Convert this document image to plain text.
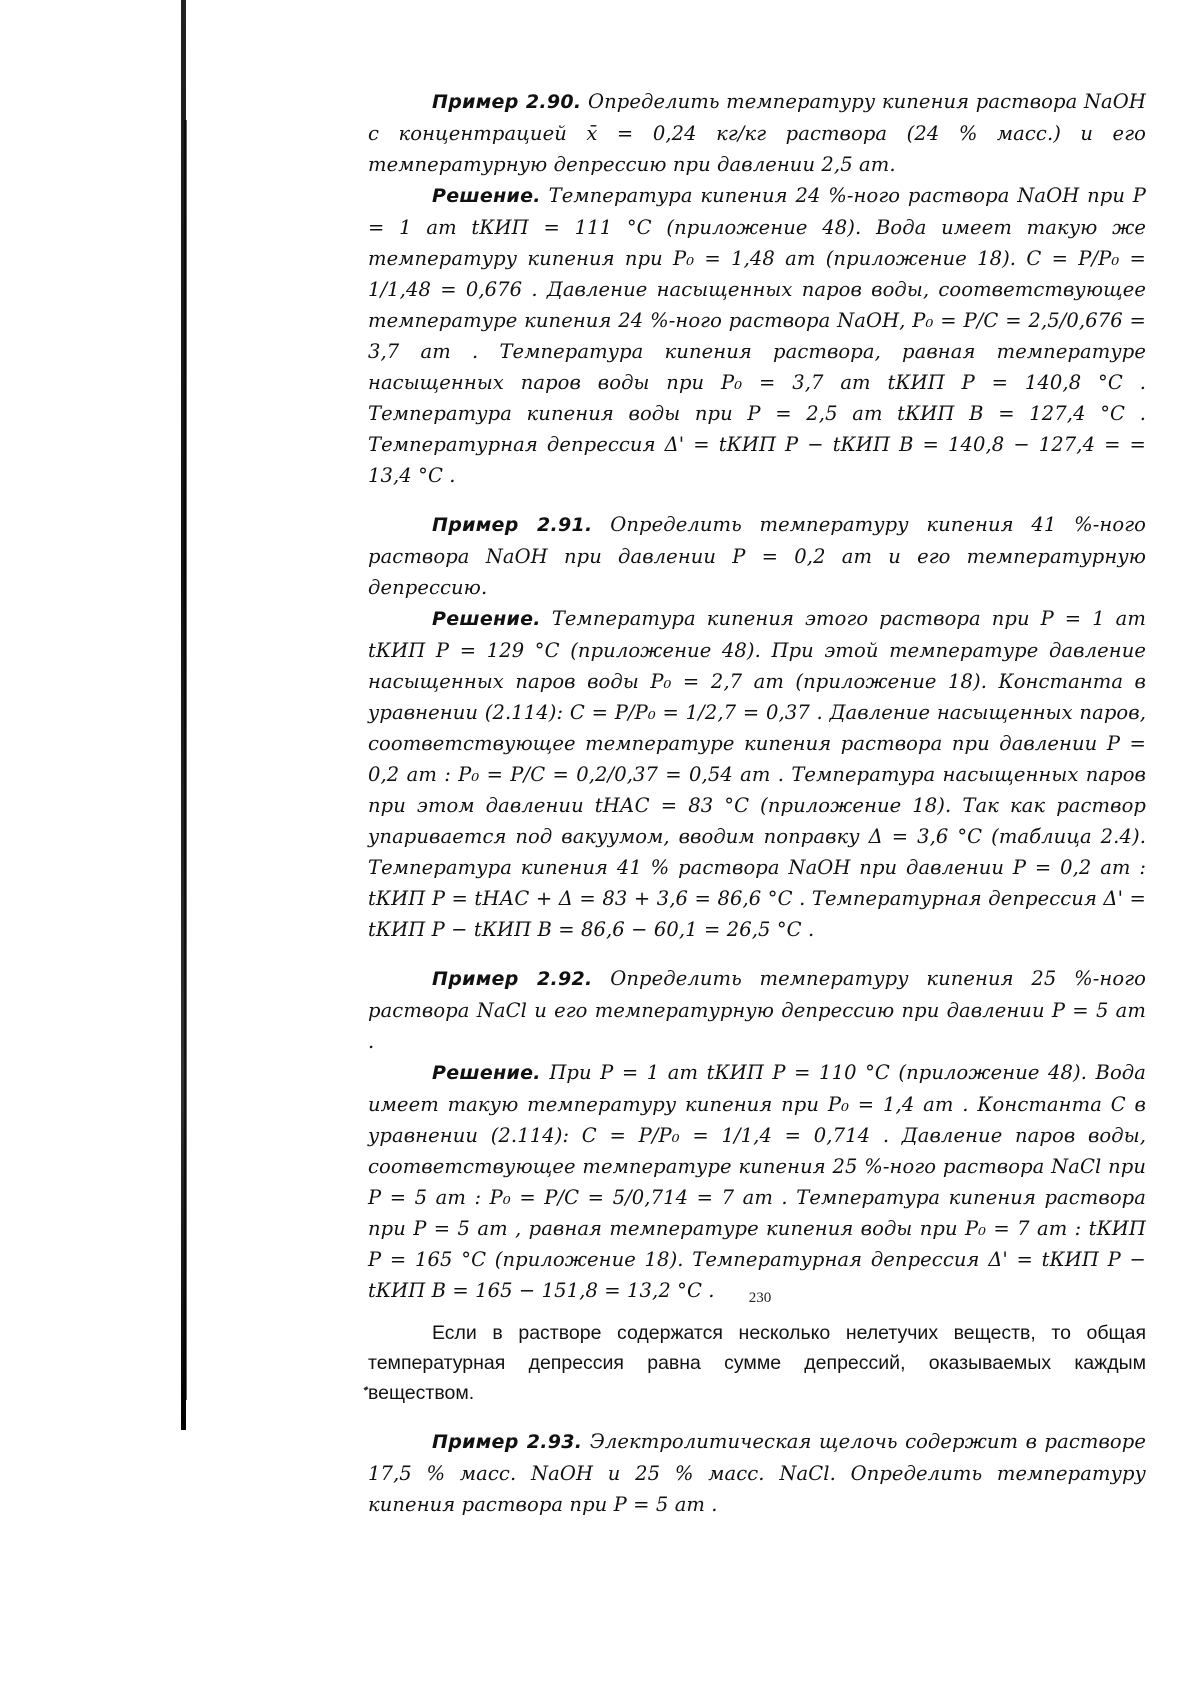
Пример 2.90. Определить температуру кипения раствора NaOH с концентрацией x̄ = 0,24 кг/кг раствора (24 % масс.) и его температурную депрессию при давлении 2,5 ат.

Решение. Температура кипения 24 %-ного раствора NaOH при P = 1 ат tКИП = 111 °C (приложение 48). Вода имеет такую же температуру кипения при P₀ = 1,48 ат (приложение 18). C = P/P₀ = 1/1,48 = 0,676 . Давление насыщенных паров воды, соответствующее температуре кипения 24 %-ного раствора NaOH, P₀ = P/C = 2,5/0,676 = 3,7 ат . Температура кипения раствора, равная температуре насыщенных паров воды при P₀ = 3,7 ат tКИП Р = 140,8 °C . Температура кипения воды при P = 2,5 ат tКИП В = 127,4 °C . Температурная депрессия Δ' = tКИП Р − tКИП В = 140,8 − 127,4 = = 13,4 °C .

Пример 2.91. Определить температуру кипения 41 %-ного раствора NaOH при давлении P = 0,2 ат и его температурную депрессию.

Решение. Температура кипения этого раствора при P = 1 ат tКИП Р = 129 °C (приложение 48). При этой температуре давление насыщенных паров воды P₀ = 2,7 ат (приложение 18). Константа в уравнении (2.114): C = P/P₀ = 1/2,7 = 0,37 . Давление насыщенных паров, соответствующее температуре кипения раствора при давлении P = 0,2 ат : P₀ = P/C = 0,2/0,37 = 0,54 ат . Температура насыщенных паров при этом давлении tНАС = 83 °C (приложение 18). Так как раствор упаривается под вакуумом, вводим поправку Δ = 3,6 °C (таблица 2.4). Температура кипения 41 % раствора NaOH при давлении P = 0,2 ат : tКИП Р = tНАС + Δ = 83 + 3,6 = 86,6 °C . Температурная депрессия Δ' = tКИП Р − tКИП В = 86,6 − 60,1 = 26,5 °C .

Пример 2.92. Определить температуру кипения 25 %-ного раствора NaCl и его температурную депрессию при давлении P = 5 ат .

Решение. При P = 1 ат tКИП Р = 110 °C (приложение 48). Вода имеет такую температуру кипения при P₀ = 1,4 ат . Константа C в уравнении (2.114): C = P/P₀ = 1/1,4 = 0,714 . Давление паров воды, соответствующее температуре кипения 25 %-ного раствора NaCl при P = 5 ат : P₀ = P/C = 5/0,714 = 7 ат . Температура кипения раствора при P = 5 ат , равная температуре кипения воды при P₀ = 7 ат : tКИП Р = 165 °C (приложение 18). Температурная депрессия Δ' = tКИП Р − tКИП В = 165 − 151,8 = 13,2 °C .

Если в растворе содержатся несколько нелетучих веществ, то общая температурная депрессия равна сумме депрессий, оказываемых каждым веществом.

Пример 2.93. Электролитическая щелочь содержит в растворе 17,5 % масс. NaOH и 25 % масс. NaCl. Определить температуру кипения раствора при P = 5 ат .

230
